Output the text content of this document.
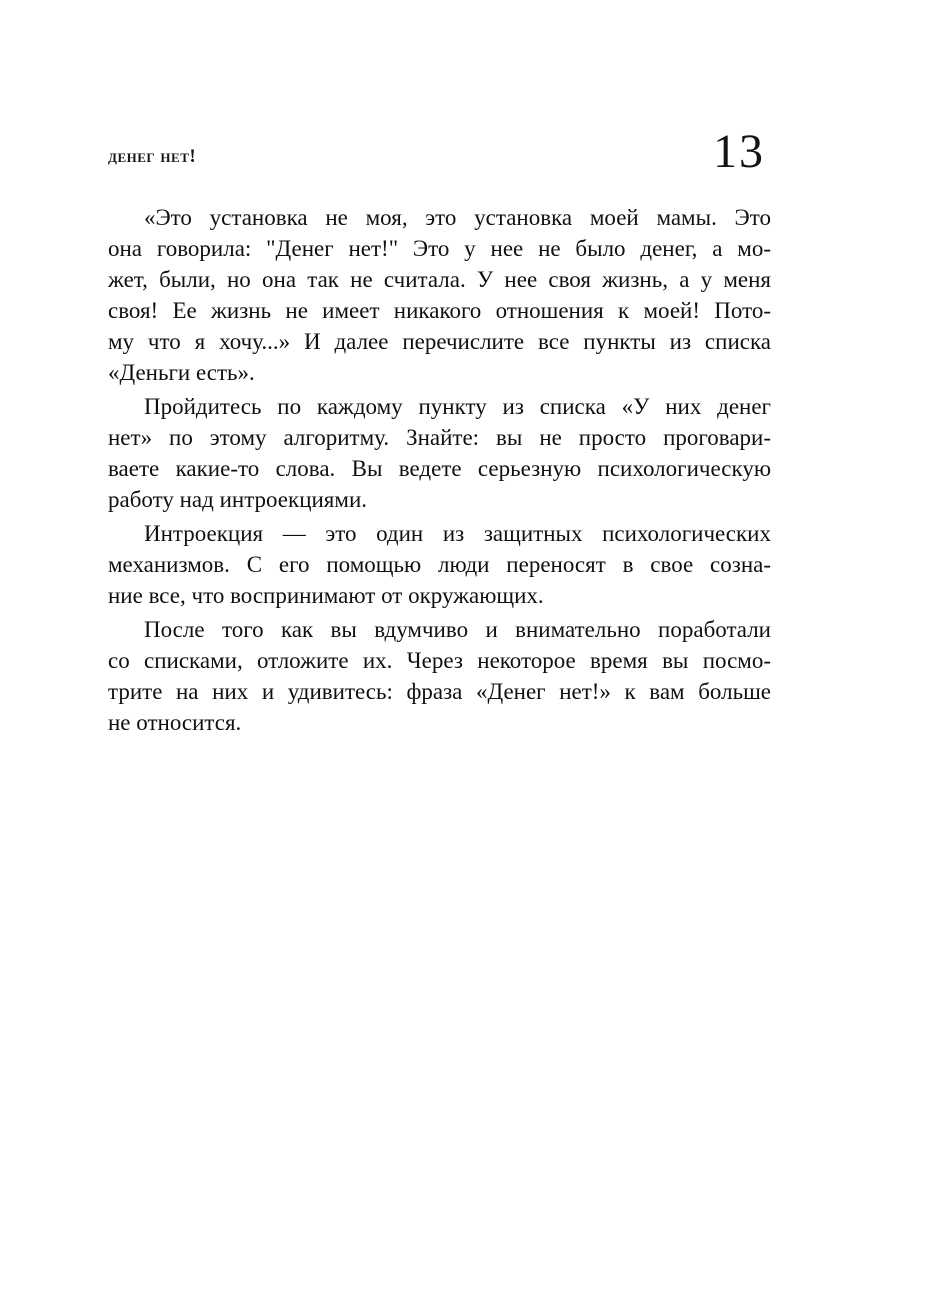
денег нет!	13
«Это установка не моя, это установка моей мамы. Это
она говорила: "Денег нет!" Это у нее не было денег, а мо-
жет, были, но она так не считала. У нее своя жизнь, а у меня
своя! Ее жизнь не имеет никакого отношения к моей! Пото-
му что я хочу...» И далее перечислите все пункты из списка
«Деньги есть».
Пройдитесь по каждому пункту из списка «У них денег
нет» по этому алгоритму. Знайте: вы не просто проговари-
ваете какие-то слова. Вы ведете серьезную психологическую
работу над интроекциями.
Интроекция — это один из защитных психологических
механизмов. С его помощью люди переносят в свое созна-
ние все, что воспринимают от окружающих.
После того как вы вдумчиво и внимательно поработали
со списками, отложите их. Через некоторое время вы посмо-
трите на них и удивитесь: фраза «Денег нет!» к вам больше
не относится.
